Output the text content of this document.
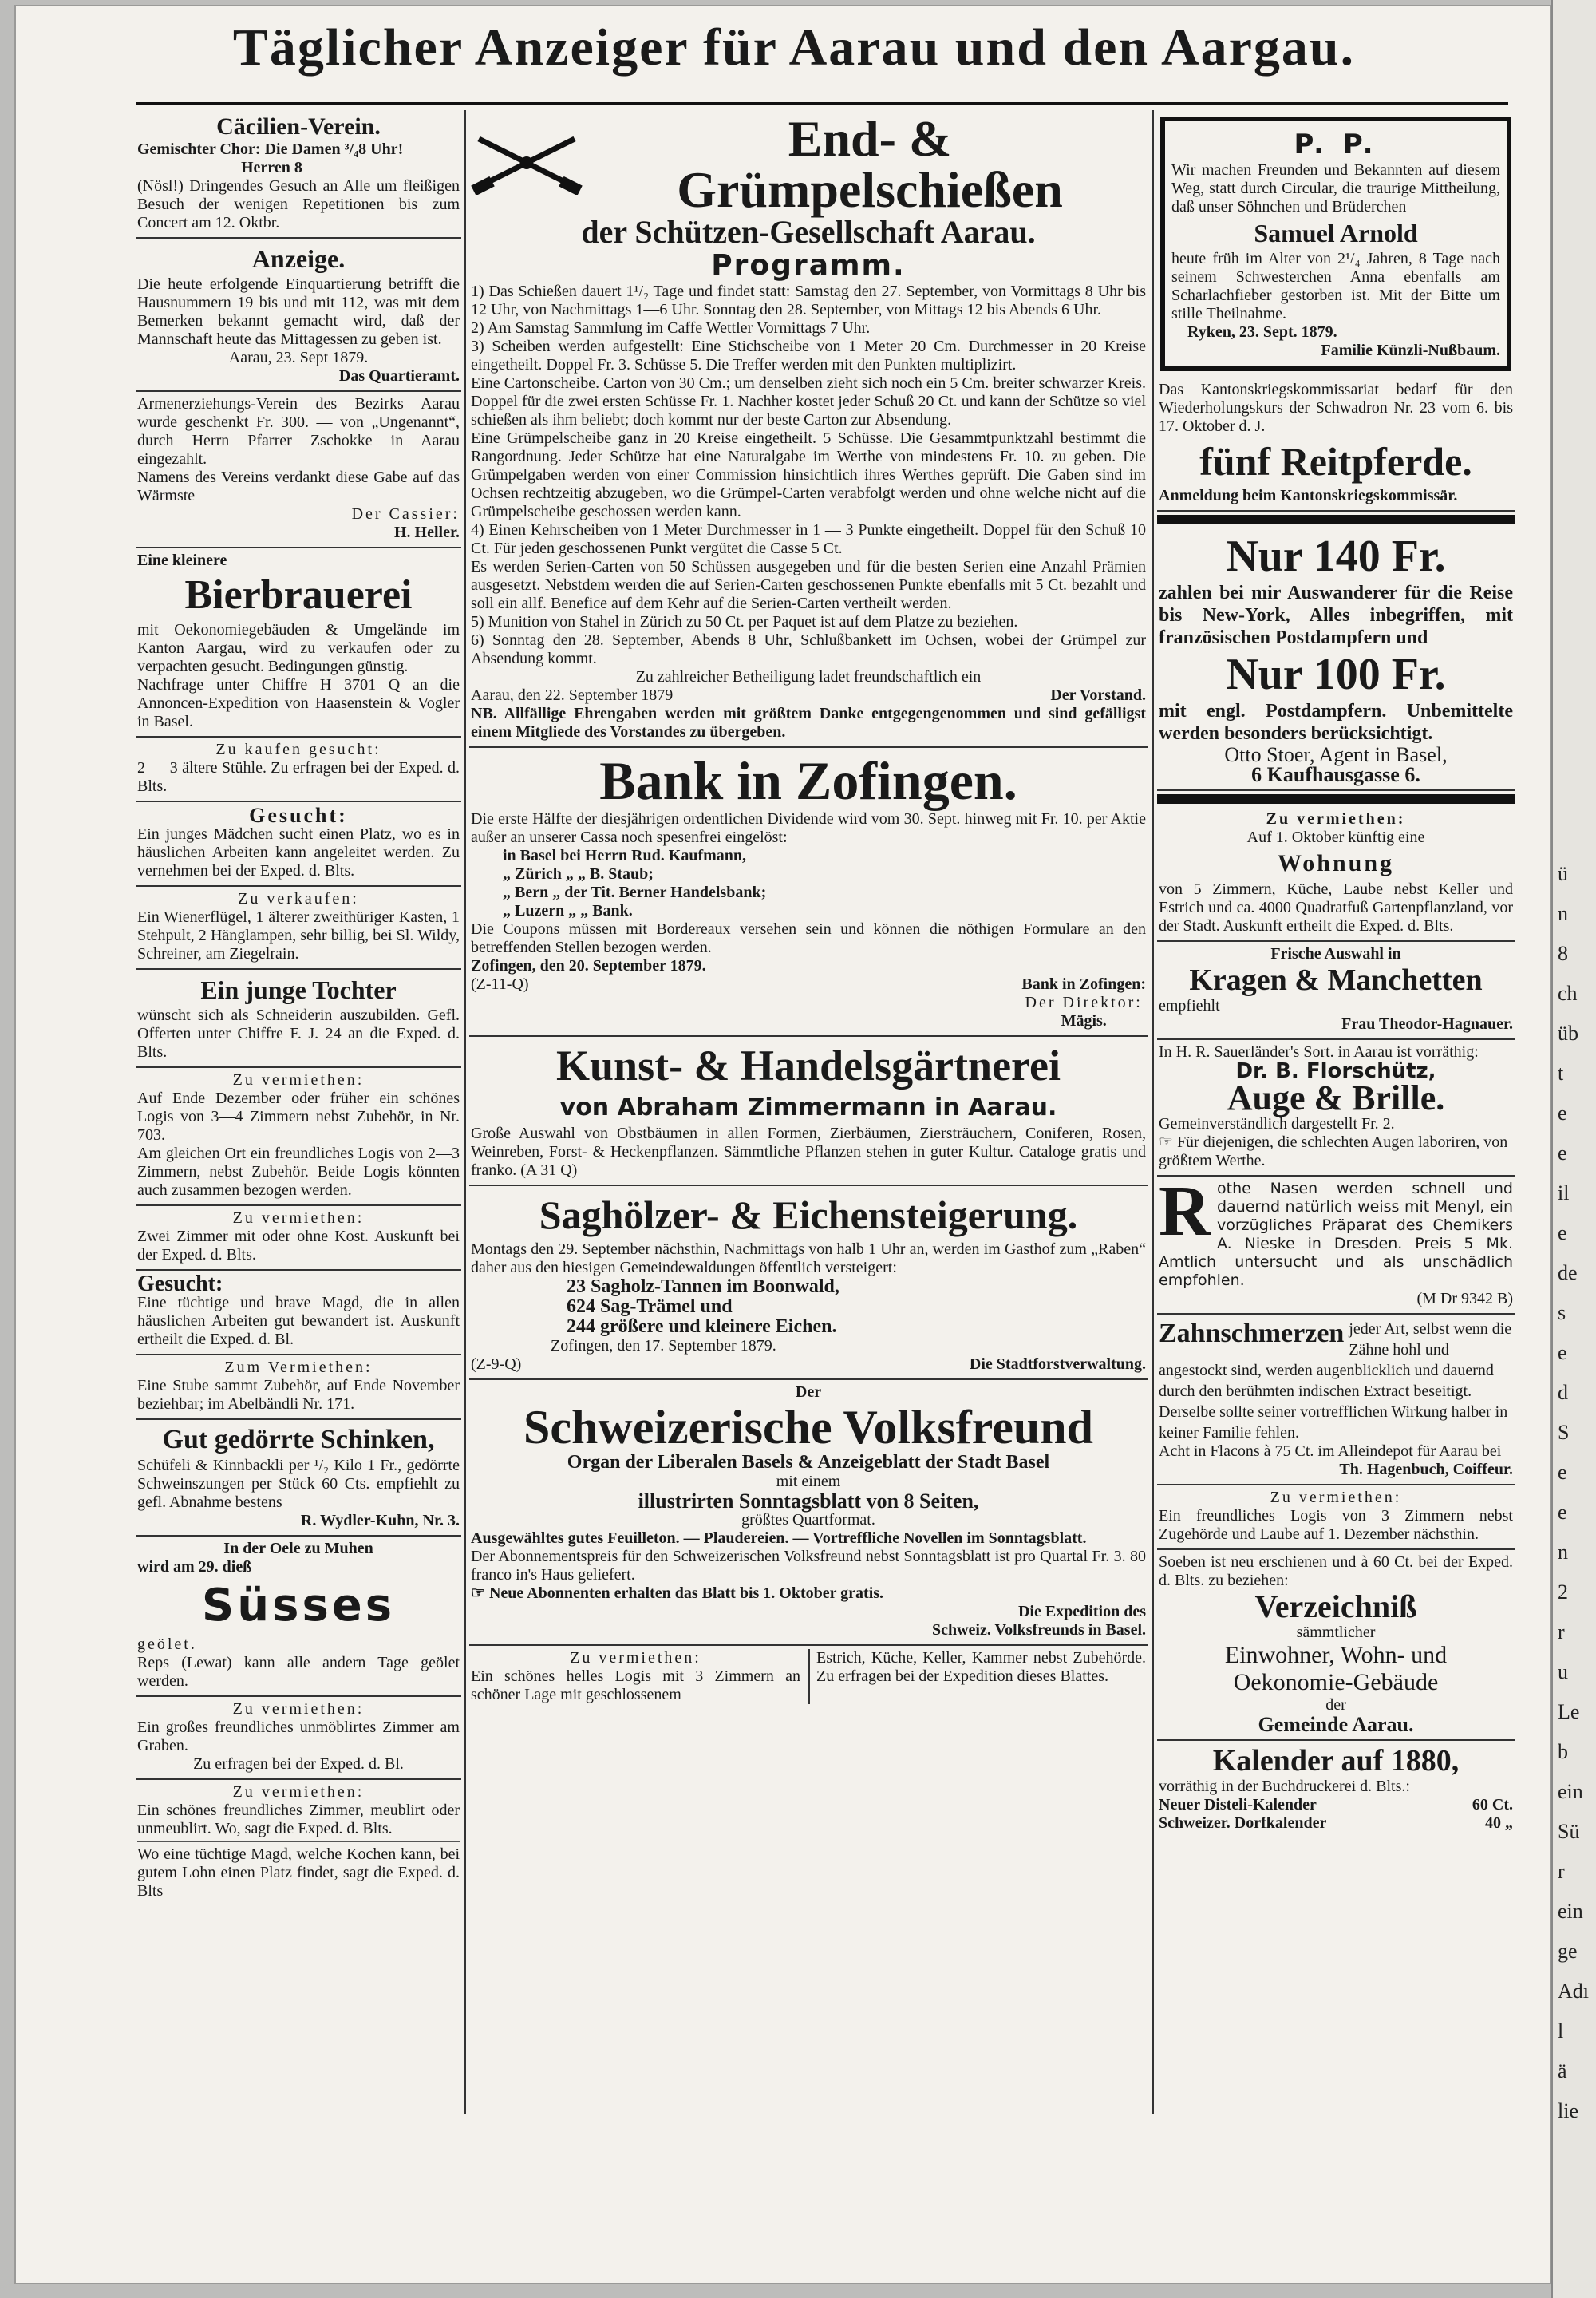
ü
n
8
ch
üb
t
e
e
il
e
de
s
e
d
S
e
e
n
2
r
u
Le
b
ein
Sü
r
ein
ge
Adı
l
ä
lie
Täglicher Anzeiger für Aarau und den Aargau.
Cäcilien-Verein.
Gemischter Chor: Die Damen ³/₄8 Uhr!
Herren 8
(Nösl!) Dringendes Gesuch an Alle um fleißigen Besuch der wenigen Repetitionen bis zum Concert am 12. Oktbr.
Anzeige.
Die heute erfolgende Einquartierung betrifft die Hausnummern 19 bis und mit 112, was mit dem Bemerken bekannt gemacht wird, daß der Mannschaft heute das Mittagessen zu geben ist.
Aarau, 23. Sept 1879.
Das Quartieramt.
Armenerziehungs-Verein des Bezirks Aarau wurde geschenkt Fr. 300. — von „Ungenannt“, durch Herrn Pfarrer Zschokke in Aarau eingezahlt.
Namens des Vereins verdankt diese Gabe auf das Wärmste
Der Cassier:
H. Heller.
Eine kleinere
Bierbrauerei
mit Oekonomiegebäuden & Umgelände im Kanton Aargau, wird zu verkaufen oder zu verpachten gesucht. Bedingungen günstig.
Nachfrage unter Chiffre H 3701 Q an die Annoncen-Expedition von Haasenstein & Vogler in Basel.
Zu kaufen gesucht:
2 — 3 ältere Stühle. Zu erfragen bei der Exped. d. Blts.
Gesucht:
Ein junges Mädchen sucht einen Platz, wo es in häuslichen Arbeiten kann angeleitet werden. Zu vernehmen bei der Exped. d. Blts.
Zu verkaufen:
Ein Wienerflügel, 1 älterer zweithüriger Kasten, 1 Stehpult, 2 Hänglampen, sehr billig, bei Sl. Wildy, Schreiner, am Ziegelrain.
Ein junge Tochter
wünscht sich als Schneiderin auszubilden. Gefl. Offerten unter Chiffre F. J. 24 an die Exped. d. Blts.
Zu vermiethen:
Auf Ende Dezember oder früher ein schönes Logis von 3—4 Zimmern nebst Zubehör, in Nr. 703.
Am gleichen Ort ein freundliches Logis von 2—3 Zimmern, nebst Zubehör. Beide Logis könnten auch zusammen bezogen werden.
Zu vermiethen:
Zwei Zimmer mit oder ohne Kost. Auskunft bei der Exped. d. Blts.
Gesucht:
Eine tüchtige und brave Magd, die in allen häuslichen Arbeiten gut bewandert ist. Auskunft ertheilt die Exped. d. Bl.
Zum Vermiethen:
Eine Stube sammt Zubehör, auf Ende November beziehbar; im Abelbändli Nr. 171.
Gut gedörrte Schinken,
Schüfeli & Kinnbackli per ¹/₂ Kilo 1 Fr., gedörrte Schweinszungen per Stück 60 Cts. empfiehlt zu gefl. Abnahme bestens
R. Wydler-Kuhn, Nr. 3.
In der Oele zu Muhen
wird am 29. dieß
Süsses
geölet.
Reps (Lewat) kann alle andern Tage geölet werden.
Zu vermiethen:
Ein großes freundliches unmöblirtes Zimmer am Graben.
Zu erfragen bei der Exped. d. Bl.
Zu vermiethen:
Ein schönes freundliches Zimmer, meublirt oder unmeublirt. Wo, sagt die Exped. d. Blts.
Wo eine tüchtige Magd, welche Kochen kann, bei gutem Lohn einen Platz findet, sagt die Exped. d. Blts
End- & Grümpelschießen
der Schützen-Gesellschaft Aarau.
Programm.
1) Das Schießen dauert 1¹/₂ Tage und findet statt: Samstag den 27. September, von Vormittags 8 Uhr bis 12 Uhr, von Nachmittags 1—6 Uhr. Sonntag den 28. September, von Mittags 12 bis Abends 6 Uhr.
2) Am Samstag Sammlung im Caffe Wettler Vormittags 7 Uhr.
3) Scheiben werden aufgestellt: Eine Stichscheibe von 1 Meter 20 Cm. Durchmesser in 20 Kreise eingetheilt. Doppel Fr. 3. Schüsse 5. Die Treffer werden mit den Punkten multiplizirt.
Eine Cartonscheibe. Carton von 30 Cm.; um denselben zieht sich noch ein 5 Cm. breiter schwarzer Kreis. Doppel für die zwei ersten Schüsse Fr. 1. Nachher kostet jeder Schuß 20 Ct. und kann der Schütze so viel schießen als ihm beliebt; doch kommt nur der beste Carton zur Absendung.
Eine Grümpelscheibe ganz in 20 Kreise eingetheilt. 5 Schüsse. Die Gesammtpunktzahl bestimmt die Rangordnung. Jeder Schütze hat eine Naturalgabe im Werthe von mindestens Fr. 10. zu geben. Die Grümpelgaben werden von einer Commission hinsichtlich ihres Werthes geprüft. Die Gaben sind im Ochsen rechtzeitig abzugeben, wo die Grümpel-Carten verabfolgt werden und ohne welche nicht auf die Grümpelscheibe geschossen werden kann.
4) Einen Kehrscheiben von 1 Meter Durchmesser in 1 — 3 Punkte eingetheilt. Doppel für den Schuß 10 Ct. Für jeden geschossenen Punkt vergütet die Casse 5 Ct.
Es werden Serien-Carten von 50 Schüssen ausgegeben und für die besten Serien eine Anzahl Prämien ausgesetzt. Nebstdem werden die auf Serien-Carten geschossenen Punkte ebenfalls mit 5 Ct. bezahlt und soll ein allf. Benefice auf dem Kehr auf die Serien-Carten vertheilt werden.
5) Munition von Stahel in Zürich zu 50 Ct. per Paquet ist auf dem Platze zu beziehen.
6) Sonntag den 28. September, Abends 8 Uhr, Schlußbankett im Ochsen, wobei der Grümpel zur Absendung kommt.
Zu zahlreicher Betheiligung ladet freundschaftlich ein
Aarau, den 22. September 1879	Der Vorstand.
NB. Allfällige Ehrengaben werden mit größtem Danke entgegengenommen und sind gefälligst einem Mitgliede des Vorstandes zu übergeben.
Bank in Zofingen.
Die erste Hälfte der diesjährigen ordentlichen Dividende wird vom 30. Sept. hinweg mit Fr. 10. per Aktie außer an unserer Cassa noch spesenfrei eingelöst:
in Basel bei Herrn Rud. Kaufmann,
„ Zürich „ „ B. Staub;
„ Bern „ der Tit. Berner Handelsbank;
„ Luzern „ „ Bank.
Die Coupons müssen mit Bordereaux versehen sein und können die nöthigen Formulare an den betreffenden Stellen bezogen werden.
Zofingen, den 20. September 1879.
(Z-11-Q)	Bank in Zofingen:
Der Direktor:
Mägis.
Kunst- & Handelsgärtnerei
von Abraham Zimmermann in Aarau.
Große Auswahl von Obstbäumen in allen Formen, Zierbäumen, Ziersträuchern, Coniferen, Rosen, Weinreben, Forst- & Heckenpflanzen. Sämmtliche Pflanzen stehen in guter Kultur. Cataloge gratis und franko. (A 31 Q)
Saghölzer- & Eichensteigerung.
Montags den 29. September nächsthin, Nachmittags von halb 1 Uhr an, werden im Gasthof zum „Raben“ daher aus den hiesigen Gemeindewaldungen öffentlich versteigert:
23 Sagholz-Tannen im Boonwald,
624 Sag-Trämel und
244 größere und kleinere Eichen.
Zofingen, den 17. September 1879.
(Z-9-Q)	Die Stadtforstverwaltung.
Der
Schweizerische Volksfreund
Organ der Liberalen Basels & Anzeigeblatt der Stadt Basel
mit einem
illustrirten Sonntagsblatt von 8 Seiten,
größtes Quartformat.
Ausgewähltes gutes Feuilleton. — Plaudereien. — Vortreffliche Novellen im Sonntagsblatt.
Der Abonnementspreis für den Schweizerischen Volksfreund nebst Sonntagsblatt ist pro Quartal Fr. 3. 80 franco in's Haus geliefert.
☞ Neue Abonnenten erhalten das Blatt bis 1. Oktober gratis.
Die Expedition des
Schweiz. Volksfreunds in Basel.
Zu vermiethen:
Ein schönes helles Logis mit 3 Zimmern an schöner Lage mit geschlossenem
Estrich, Küche, Keller, Kammer nebst Zubehörde. Zu erfragen bei der Expedition dieses Blattes.
P. P.
Wir machen Freunden und Bekannten auf diesem Weg, statt durch Circular, die traurige Mittheilung, daß unser Söhnchen und Brüderchen
Samuel Arnold
heute früh im Alter von 2¹/₄ Jahren, 8 Tage nach seinem Schwesterchen Anna ebenfalls am Scharlachfieber gestorben ist. Mit der Bitte um stille Theilnahme.
Ryken, 23. Sept. 1879.
Familie Künzli-Nußbaum.
Das Kantonskriegskommissariat bedarf für den Wiederholungskurs der Schwadron Nr. 23 vom 6. bis 17. Oktober d. J.
fünf Reitpferde.
Anmeldung beim Kantonskriegskommissär.
Nur 140 Fr.
zahlen bei mir Auswanderer für die Reise bis New-York, Alles inbegriffen, mit französischen Postdampfern und
Nur 100 Fr.
mit engl. Postdampfern. Unbemittelte werden besonders berücksichtigt.
Otto Stoer, Agent in Basel,
6 Kaufhausgasse 6.
Zu vermiethen:
Auf 1. Oktober künftig eine
Wohnung
von 5 Zimmern, Küche, Laube nebst Keller und Estrich und ca. 4000 Quadratfuß Gartenpflanzland, vor der Stadt. Auskunft ertheilt die Exped. d. Blts.
Frische Auswahl in
Kragen & Manchetten
empfiehlt
Frau Theodor-Hagnauer.
In H. R. Sauerländer's Sort. in Aarau ist vorräthig:
Dr. B. Florschütz,
Auge & Brille.
Gemeinverständlich dargestellt Fr. 2. —
☞ Für diejenigen, die schlechten Augen laboriren, von größtem Werthe.
R othe Nasen werden schnell und dauernd natürlich weiss mit Menyl, ein vorzügliches Präparat des Chemikers A. Nieske in Dresden. Preis 5 Mk. Amtlich untersucht und als unschädlich empfohlen.
(M Dr 9342 B)
Zahnschmerzen jeder Art, selbst wenn die Zähne hohl und angestockt sind, werden augenblicklich und dauernd durch den berühmten indischen Extract beseitigt. Derselbe sollte seiner vortrefflichen Wirkung halber in keiner Familie fehlen.
Acht in Flacons à 75 Ct. im Alleindepot für Aarau bei
Th. Hagenbuch, Coiffeur.
Zu vermiethen:
Ein freundliches Logis von 3 Zimmern nebst Zugehörde und Laube auf 1. Dezember nächsthin.
Soeben ist neu erschienen und à 60 Ct. bei der Exped. d. Blts. zu beziehen:
Verzeichniß
sämmtlicher
Einwohner, Wohn- und
Oekonomie-Gebäude
der
Gemeinde Aarau.
Kalender auf 1880,
vorräthig in der Buchdruckerei d. Blts.:
Neuer Disteli-Kalender	60 Ct.
Schweizer. Dorfkalender	40 „
